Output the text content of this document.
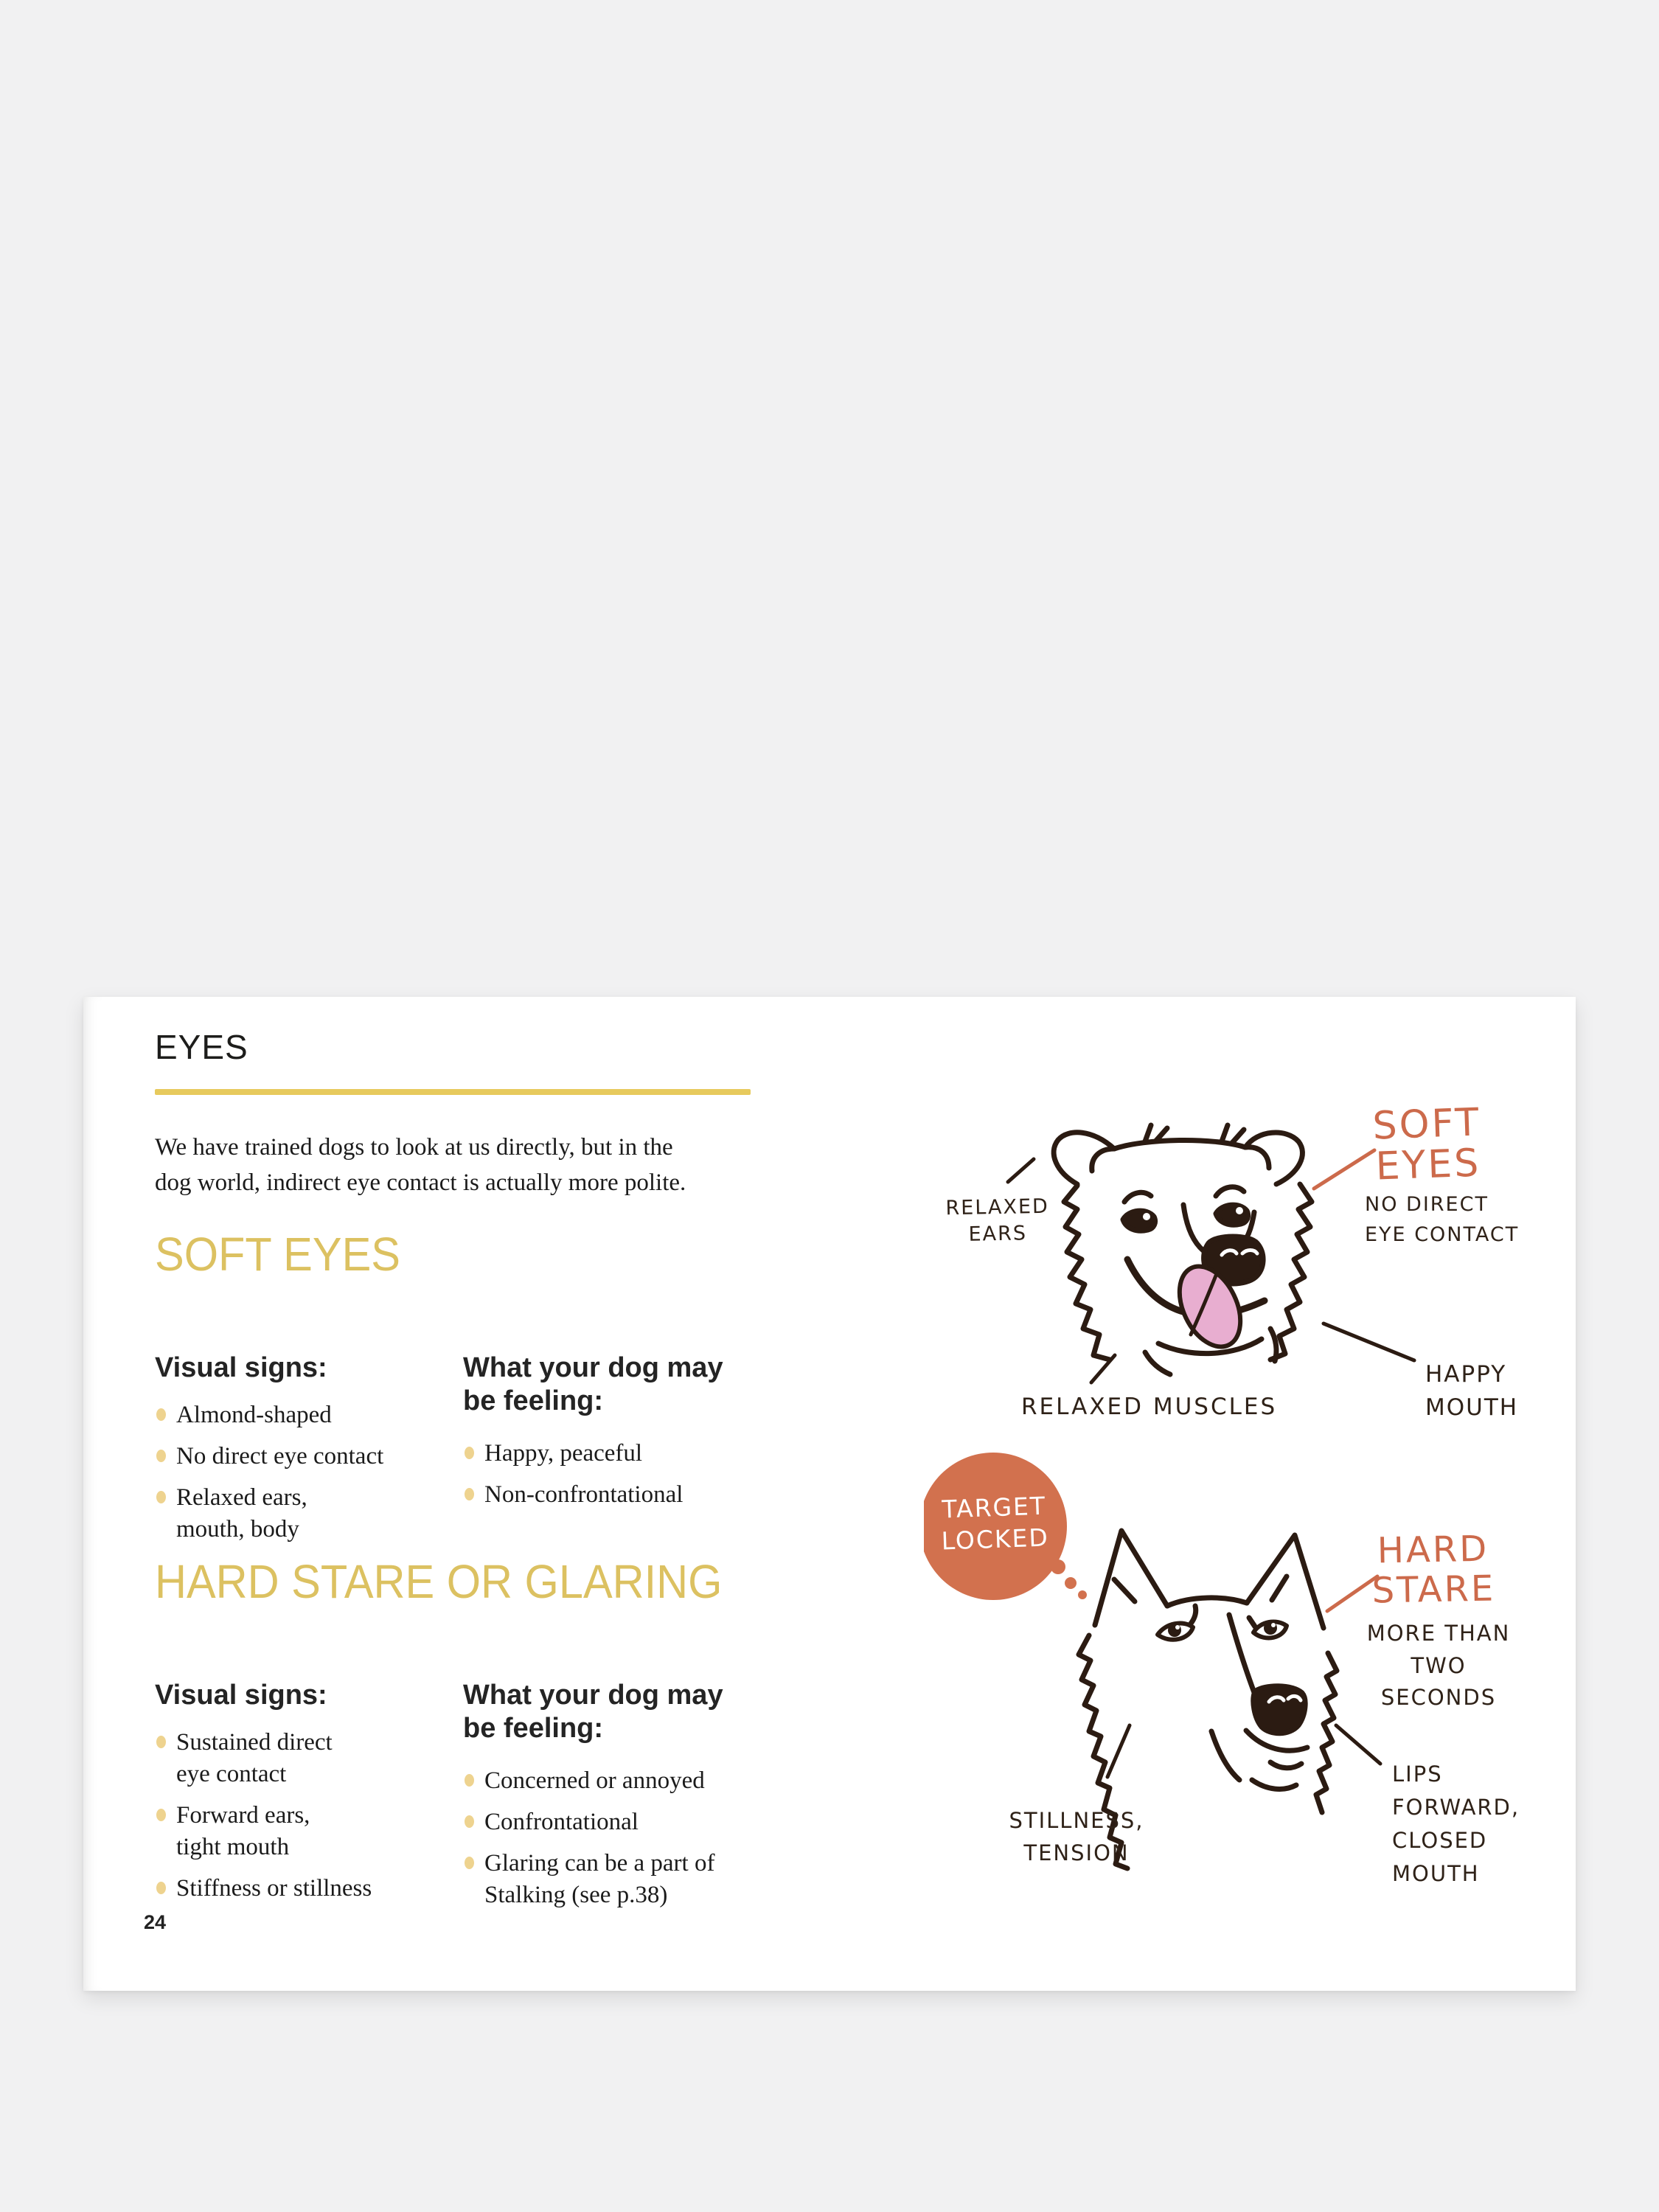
EYES

We have trained dogs to look at us directly, but in the
dog world, indirect eye contact is actually more polite.

SOFT EYES
Visual signs:
Almond-shaped
No direct eye contact
Relaxed ears,
mouth, body
What your dog may
be feeling:
Happy, peaceful
Non-confrontational
HARD STARE OR GLARING
Visual signs:
Sustained direct
eye contact
Forward ears,
tight mouth
Stiffness or stillness
What your dog may
be feeling:
Concerned or annoyed
Confrontational
Glaring can be a part of
Stalking (see p.38)
24
RELAXED
EARS
SOFT
EYES
NO DIRECT
EYE CONTACT
HAPPY
MOUTH
RELAXED MUSCLES
TARGET
LOCKED	HARD
STARE
MORE THAN
TWO SECONDS
LIPS FORWARD,
CLOSED MOUTH
STILLNESS,
TENSION
